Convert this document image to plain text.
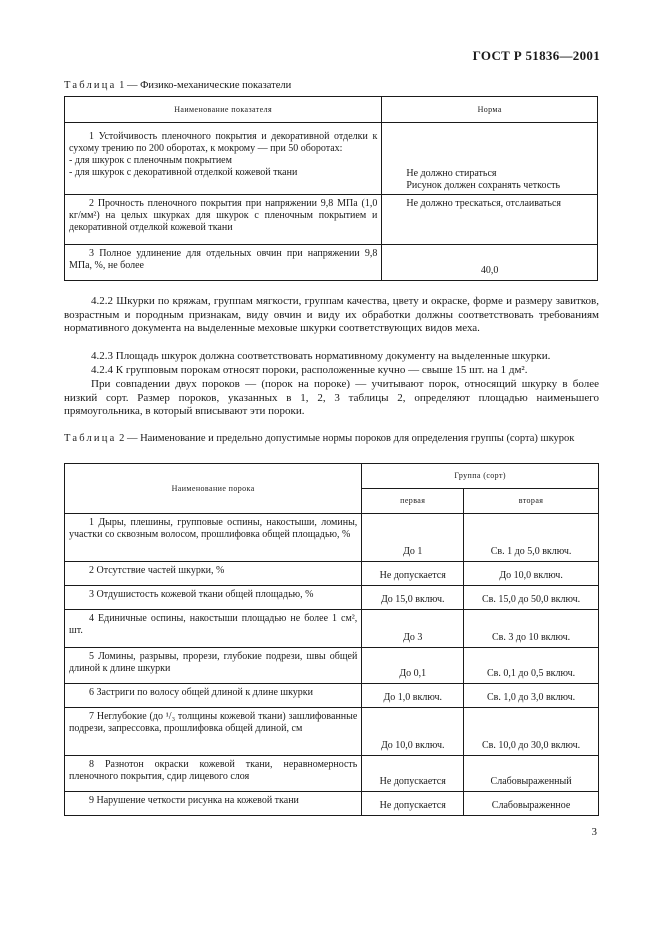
ГОСТ Р 51836—2001
Таблица 1 — Физико-механические показатели
Наименование показателя	Норма
1 Устойчивость пленочного покрытия и декоративной отделки к сухому трению по 200 оборотах, к мокрому — при 50 оборотах:
- для шкурок с пленочным покрытием
- для шкурок с декоративной отделкой кожевой ткани	Не должно стираться
Рисунок должен сохранять четкость

2 Прочность пленочного покрытия при напряжении 9,8 МПа (1,0 кг/мм²) на целых шкурках для шкурок с пленочным покрытием и декоративной отделкой кожевой ткани	Не должно трескаться, отслаиваться
3 Полное удлинение для отдельных овчин при напряжении 9,8 МПа, %, не более	40,0
4.2.2 Шкурки по кряжам, группам мягкости, группам качества, цвету и окраске, форме и размеру завитков, возрастным и породным признакам, виду овчин и виду их обработки должны соответствовать требованиям нормативного документа на выделенные меховые шкурки соответствующих видов меха.
4.2.3 Площадь шкурок должна соответствовать нормативному документу на выделенные шкурки.
4.2.4 К групповым порокам относят пороки, расположенные кучно — свыше 15 шт. на 1 дм².
При совпадении двух пороков — (порок на пороке) — учитывают порок, относящий шкурку в более низкий сорт. Размер пороков, указанных в 1, 2, 3 таблицы 2, определяют площадью наименьшего прямоугольника, в который вписывают эти пороки.
Таблица 2 — Наименование и предельно допустимые нормы пороков для определения группы (сорта) шкурок
Наименование порока	Группа (сорт)	
	первая	вторая
1 Дыры, плешины, групповые оспины, накостыши, ломины, участки со сквозным волосом, прошлифовка общей площадью, %	До 1	Св. 1 до 5,0 включ.
2 Отсутствие частей шкурки, %	Не допускается	До 10,0 включ.
3 Отдушистость кожевой ткани общей площадью, %	До 15,0 включ.	Св. 15,0 до 50,0 включ.
4 Единичные оспины, накостыши площадью не более 1 см², шт.	До 3	Св. 3 до 10 включ.
5 Ломины, разрывы, прорези, глубокие подрези, швы общей длиной к длине шкурки	До 0,1	Св. 0,1 до 0,5 включ.
6 Застриги по волосу общей длиной к длине шкурки	До 1,0 включ.	Св. 1,0 до 3,0 включ.
7 Неглубокие (до ¹/₃ толщины кожевой ткани) зашлифованные подрези, запрессовка, прошлифовка общей длиной, см	До 10,0 включ.	Св. 10,0 до 30,0 включ.
8 Разнотон окраски кожевой ткани, неравномерность пленочного покрытия, сдир лицевого слоя	Не допускается	Слабовыраженный
9 Нарушение четкости рисунка на кожевой ткани	Не допускается	Слабовыраженное
3
